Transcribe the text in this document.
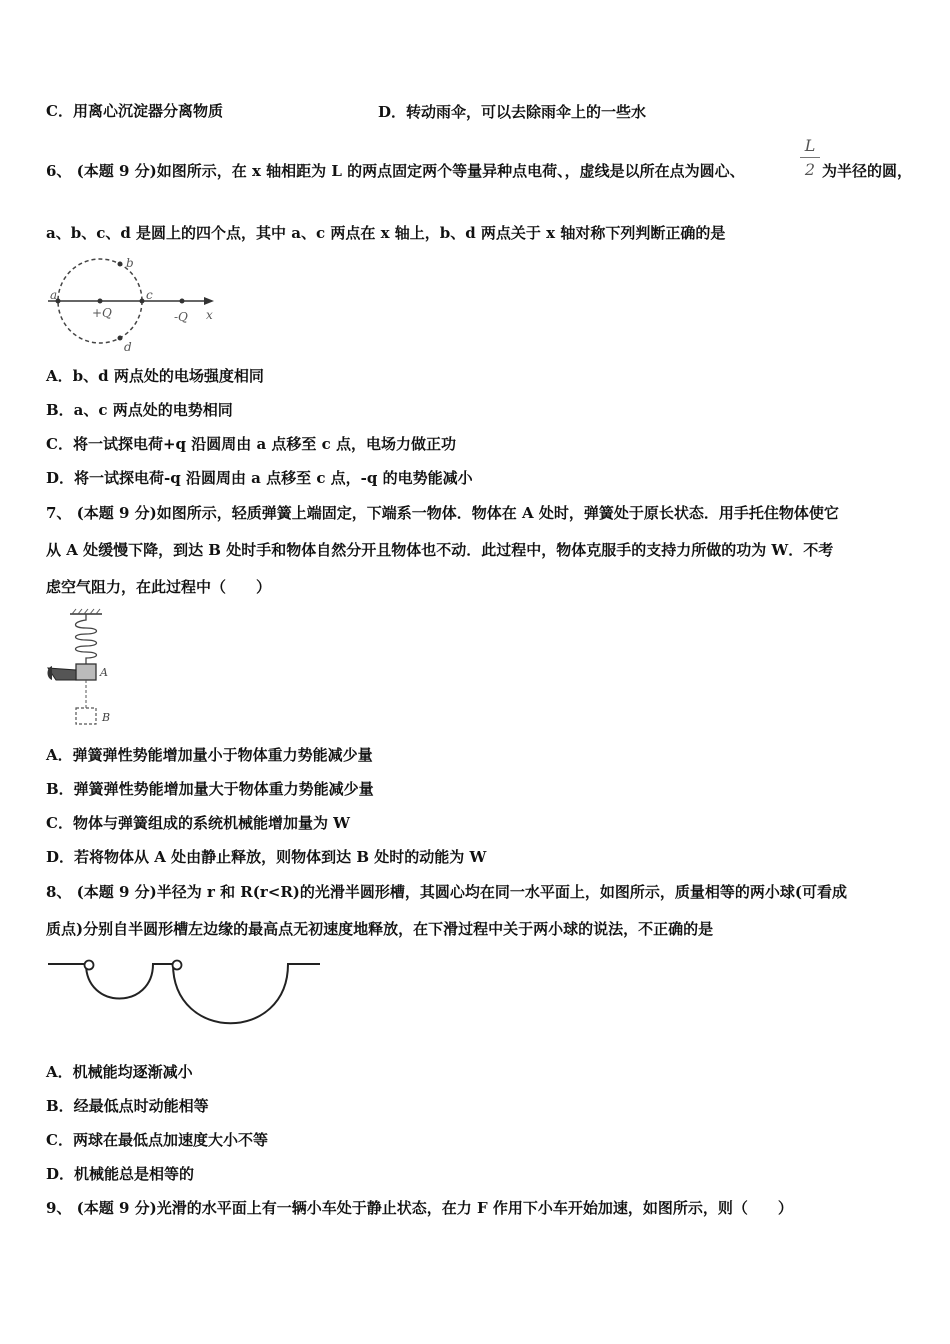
C．用离心沉淀器分离物质	D．转动雨伞，可以去除雨伞上的一些水
6、 (本题 9 分)如图所示，在 x 轴相距为 L 的两点固定两个等量异种点电荷、，虚线是以所在点为圆心、
L
2 为半径的圆，
a、b、c、d 是圆上的四个点，其中 a、c 两点在 x 轴上，b、d 两点关于 x 轴对称下列判断正确的是
a
b
c
d
+Q	-Q x
A．b、d 两点处的电场强度相同
B．a、c 两点处的电势相同
C．将一试探电荷+q 沿圆周由 a 点移至 c 点，电场力做正功
D．将一试探电荷-q 沿圆周由 a 点移至 c 点，-q 的电势能减小
7、 (本题 9 分)如图所示，轻质弹簧上端固定，下端系一物体．物体在 A 处时，弹簧处于原长状态．用手托住物体使它
从 A 处缓慢下降，到达 B 处时手和物体自然分开且物体也不动．此过程中，物体克服手的支持力所做的功为 W．不考
虑空气阻力，在此过程中（　　）
A
B
A．弹簧弹性势能增加量小于物体重力势能减少量
B．弹簧弹性势能增加量大于物体重力势能减少量
C．物体与弹簧组成的系统机械能增加量为 W
D．若将物体从 A 处由静止释放，则物体到达 B 处时的动能为 W
8、 (本题 9 分)半径为 r 和 R(r<R)的光滑半圆形槽，其圆心均在同一水平面上，如图所示，质量相等的两小球(可看成
质点)分别自半圆形槽左边缘的最高点无初速度地释放，在下滑过程中关于两小球的说法，不正确的是
A．机械能均逐渐减小
B．经最低点时动能相等
C．两球在最低点加速度大小不等
D．机械能总是相等的
9、 (本题 9 分)光滑的水平面上有一辆小车处于静止状态，在力 F 作用下小车开始加速，如图所示，则（　　）
